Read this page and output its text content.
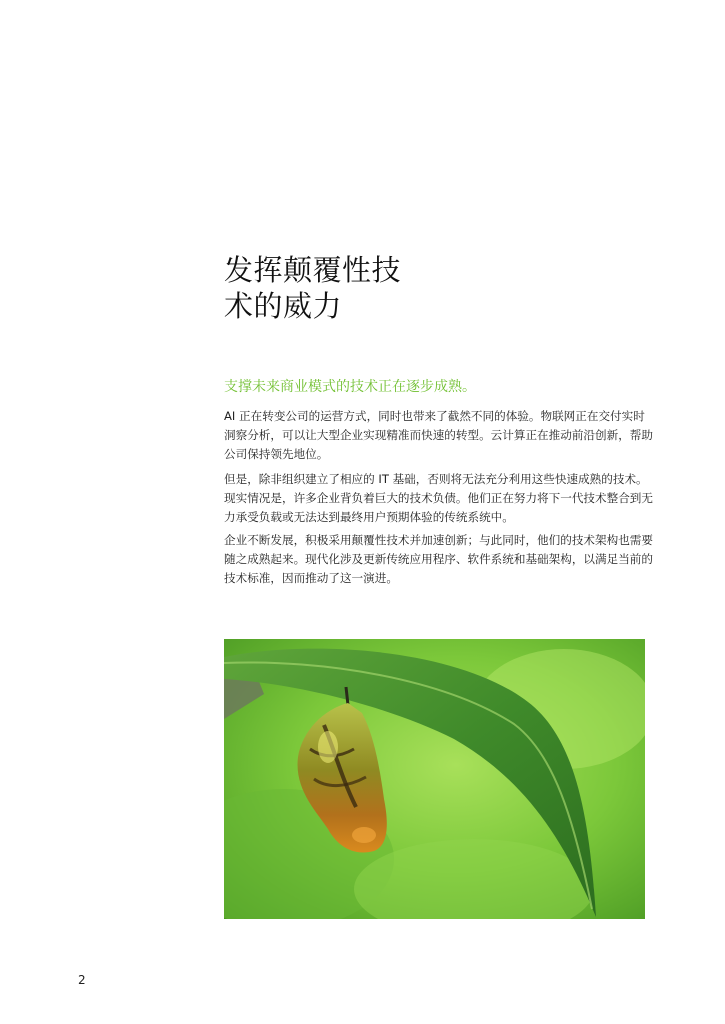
发挥颠覆性技
术的威力

支撑未来商业模式的技术正在逐步成熟。

AI 正在转变公司的运营方式，同时也带来了截然不同的体验。物联网正在交付实时洞察分析，可以让大型企业实现精准而快速的转型。云计算正在推动前沿创新，帮助公司保持领先地位。

但是，除非组织建立了相应的 IT 基础，否则将无法充分利用这些快速成熟的技术。现实情况是，许多企业背负着巨大的技术负债。他们正在努力将下一代技术整合到无力承受负载或无法达到最终用户预期体验的传统系统中。

企业不断发展，积极采用颠覆性技术并加速创新；与此同时，他们的技术架构也需要随之成熟起来。现代化涉及更新传统应用程序、软件系统和基础架构，以满足当前的技术标准，因而推动了这一演进。

2
